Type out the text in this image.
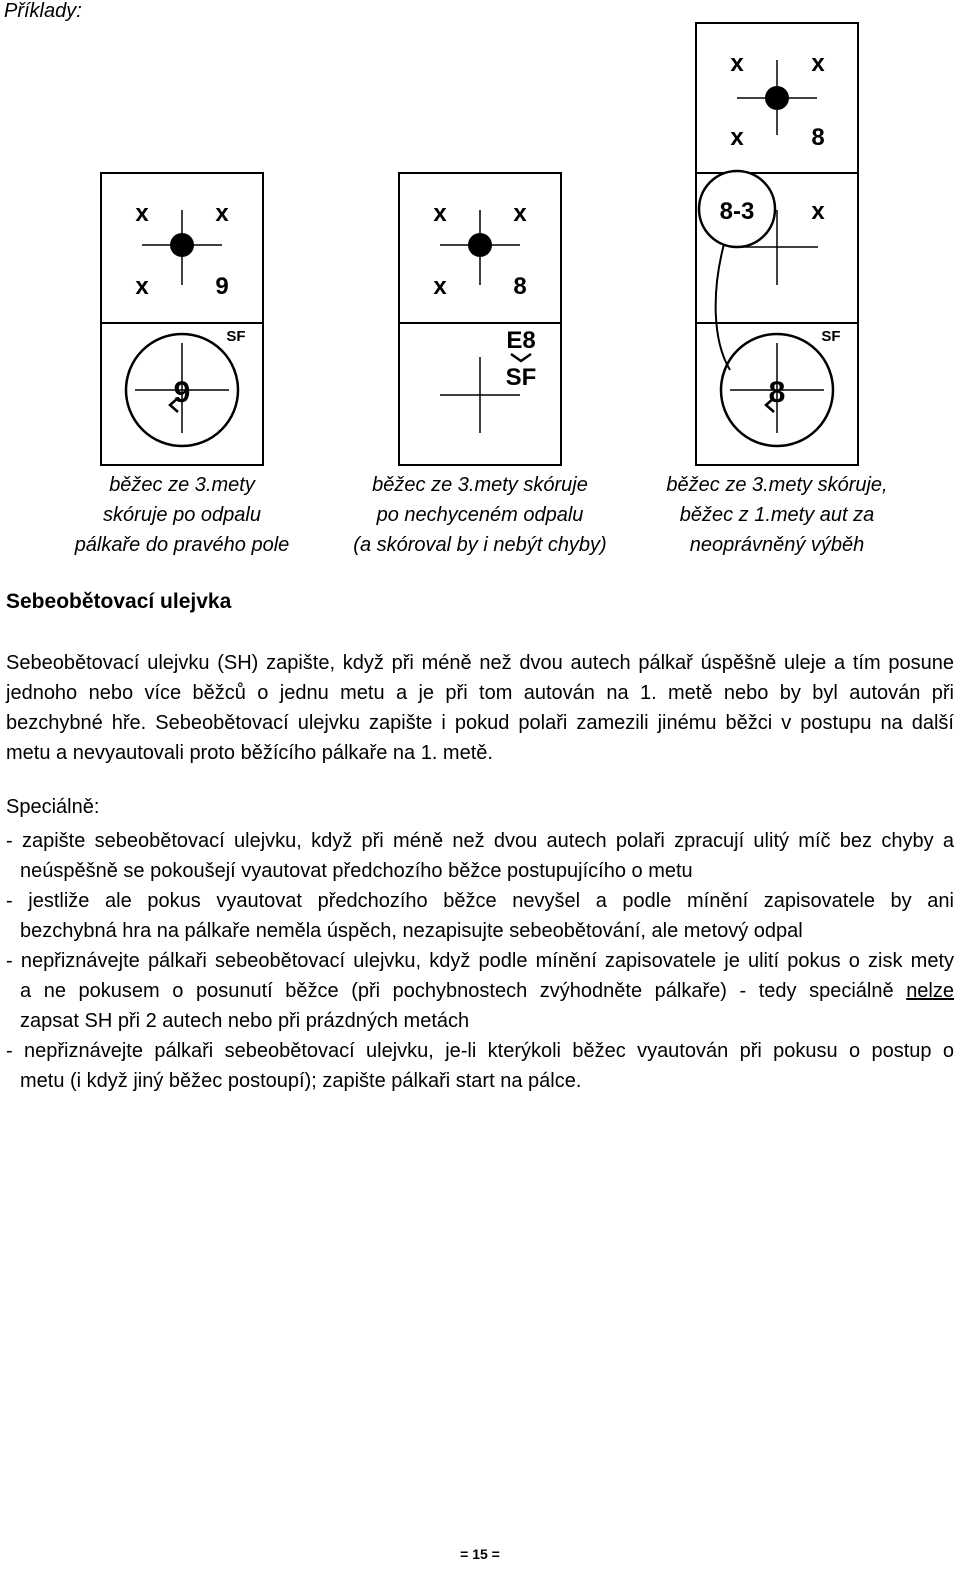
Příklady:
x	x
x	9
SF
9
x	x
x	8
E8
SF
x	x
x	8
8-3 x
SF
8
běžec ze 3.mety
skóruje po odpalu
pálkaře do pravého pole
běžec ze 3.mety skóruje
po nechyceném odpalu
(a skóroval by i nebýt chyby)
běžec ze 3.mety skóruje,
běžec z 1.mety aut za
neoprávněný výběh
Sebeobětovací ulejvka
Sebeobětovací ulejvku (SH) zapište, když při méně než dvou autech pálkař úspěšně uleje a tím posune
jednoho nebo více běžců o jednu metu a je při tom autován na 1. metě nebo by byl autován při
bezchybné hře. Sebeobětovací ulejvku zapište i pokud polaři zamezili jinému běžci v postupu na další
metu a nevyautovali proto běžícího pálkaře na 1. metě.
Speciálně:
- zapište sebeobětovací ulejvku, když při méně než dvou autech polaři zpracují ulitý míč bez chyby a
neúspěšně se pokoušejí vyautovat předchozího běžce postupujícího o metu
- jestliže ale pokus vyautovat předchozího běžce nevyšel a podle mínění zapisovatele by ani
bezchybná hra na pálkaře neměla úspěch, nezapisujte sebeobětování, ale metový odpal
- nepřiznávejte pálkaři sebeobětovací ulejvku, když podle mínění zapisovatele je ulití pokus o zisk mety
a ne pokusem o posunutí běžce (při pochybnostech zvýhodněte pálkaře) - tedy speciálně nelze
zapsat SH při 2 autech nebo při prázdných metách
- nepřiznávejte pálkaři sebeobětovací ulejvku, je-li kterýkoli běžec vyautován při pokusu o postup o
metu (i když jiný běžec postoupí); zapište pálkaři start na pálce.
= 15 =
